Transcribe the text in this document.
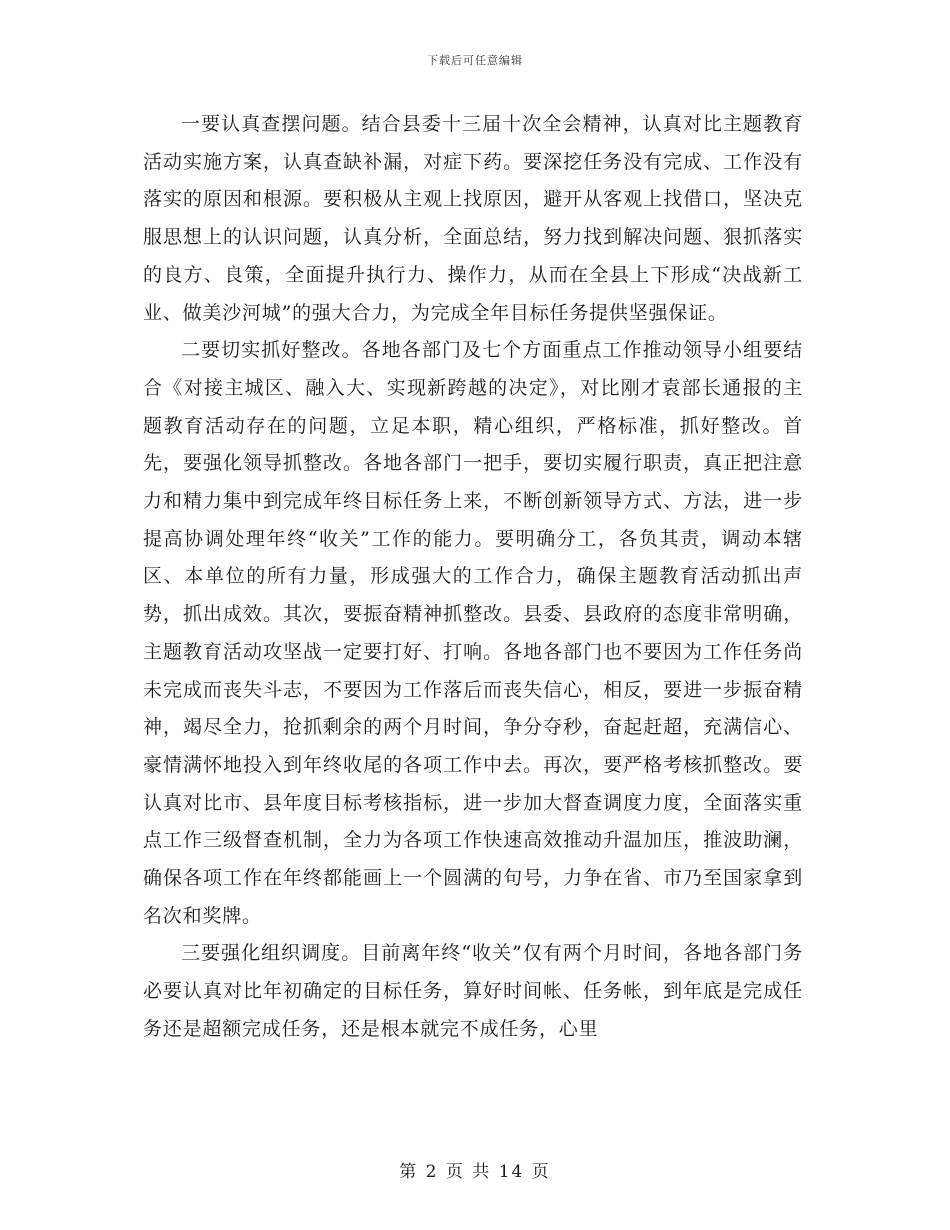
下载后可任意编辑

一要认真查摆问题。结合县委十三届十次全会精神，认真对比主题教育活动实施方案，认真查缺补漏，对症下药。要深挖任务没有完成、工作没有落实的原因和根源。要积极从主观上找原因，避开从客观上找借口，坚决克服思想上的认识问题，认真分析，全面总结，努力找到解决问题、狠抓落实的良方、良策，全面提升执行力、操作力，从而在全县上下形成“决战新工业、做美沙河城”的强大合力，为完成全年目标任务提供坚强保证。

二要切实抓好整改。各地各部门及七个方面重点工作推动领导小组要结合《对接主城区、融入大、实现新跨越的决定》，对比刚才袁部长通报的主题教育活动存在的问题，立足本职，精心组织，严格标准，抓好整改。首先，要强化领导抓整改。各地各部门一把手，要切实履行职责，真正把注意力和精力集中到完成年终目标任务上来，不断创新领导方式、方法，进一步提高协调处理年终“收关”工作的能力。要明确分工，各负其责，调动本辖区、本单位的所有力量，形成强大的工作合力，确保主题教育活动抓出声势，抓出成效。其次，要振奋精神抓整改。县委、县政府的态度非常明确，主题教育活动攻坚战一定要打好、打响。各地各部门也不要因为工作任务尚未完成而丧失斗志，不要因为工作落后而丧失信心，相反，要进一步振奋精神，竭尽全力，抢抓剩余的两个月时间，争分夺秒，奋起赶超，充满信心、豪情满怀地投入到年终收尾的各项工作中去。再次，要严格考核抓整改。要认真对比市、县年度目标考核指标，进一步加大督查调度力度，全面落实重点工作三级督查机制，全力为各项工作快速高效推动升温加压，推波助澜，确保各项工作在年终都能画上一个圆满的句号，力争在省、市乃至国家拿到名次和奖牌。

三要强化组织调度。目前离年终“收关”仅有两个月时间，各地各部门务必要认真对比年初确定的目标任务，算好时间帐、任务帐，到年底是完成任务还是超额完成任务，还是根本就完不成任务，心里

第 2 页 共 14 页
